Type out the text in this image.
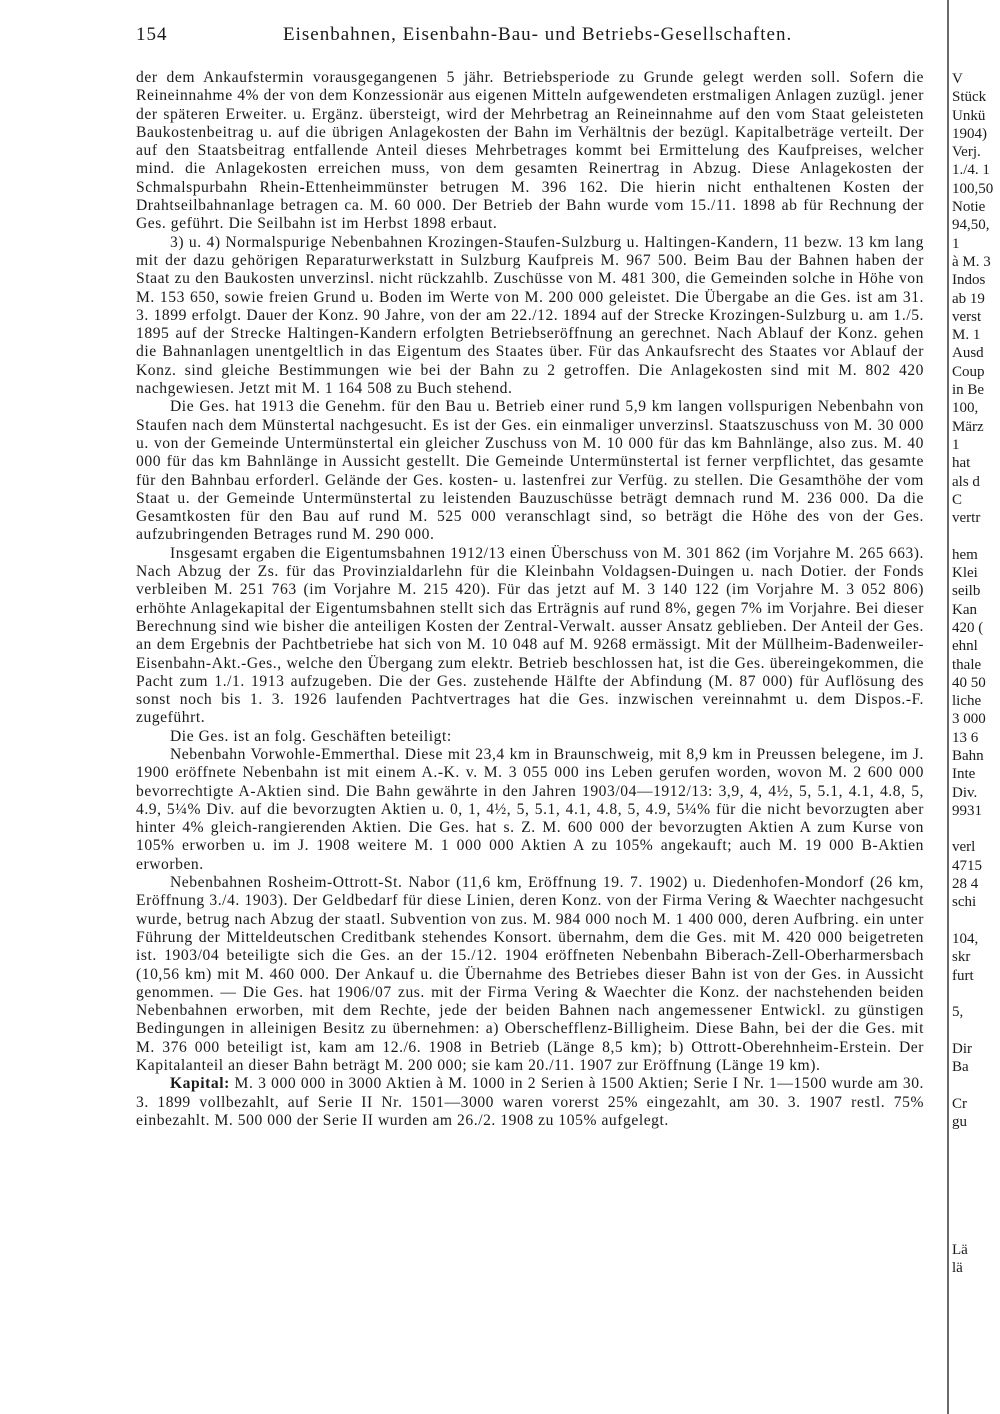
154	Eisenbahnen, Eisenbahn-Bau- und Betriebs-Gesellschaften.

der dem Ankaufstermin vorausgegangenen 5 jähr. Betriebsperiode zu Grunde gelegt werden soll. Sofern die Reineinnahme 4% der von dem Konzessionär aus eigenen Mitteln aufgewendeten erstmaligen Anlagen zuzügl. jener der späteren Erweiter. u. Ergänz. übersteigt, wird der Mehrbetrag an Reineinnahme auf den vom Staat geleisteten Baukostenbeitrag u. auf die übrigen Anlagekosten der Bahn im Verhältnis der bezügl. Kapitalbeträge verteilt. Der auf den Staatsbeitrag entfallende Anteil dieses Mehrbetrages kommt bei Ermittelung des Kaufpreises, welcher mind. die Anlagekosten erreichen muss, von dem gesamten Reinertrag in Abzug. Diese Anlagekosten der Schmalspurbahn Rhein-Ettenheimmünster betrugen M. 396 162. Die hierin nicht enthaltenen Kosten der Drahtseilbahnanlage betragen ca. M. 60 000. Der Betrieb der Bahn wurde vom 15./11. 1898 ab für Rechnung der Ges. geführt. Die Seilbahn ist im Herbst 1898 erbaut.

3) u. 4) Normalspurige Nebenbahnen Krozingen-Staufen-Sulzburg u. Haltingen-Kandern, 11 bezw. 13 km lang mit der dazu gehörigen Reparaturwerkstatt in Sulzburg Kaufpreis M. 967 500. Beim Bau der Bahnen haben der Staat zu den Baukosten unverzinsl. nicht rückzahlb. Zuschüsse von M. 481 300, die Gemeinden solche in Höhe von M. 153 650, sowie freien Grund u. Boden im Werte von M. 200 000 geleistet. Die Übergabe an die Ges. ist am 31. 3. 1899 erfolgt. Dauer der Konz. 90 Jahre, von der am 22./12. 1894 auf der Strecke Krozingen-Sulzburg u. am 1./5. 1895 auf der Strecke Haltingen-Kandern erfolgten Betriebseröffnung an gerechnet. Nach Ablauf der Konz. gehen die Bahnanlagen unentgeltlich in das Eigentum des Staates über. Für das Ankaufsrecht des Staates vor Ablauf der Konz. sind gleiche Bestimmungen wie bei der Bahn zu 2 getroffen. Die Anlagekosten sind mit M. 802 420 nachgewiesen. Jetzt mit M. 1 164 508 zu Buch stehend.

Die Ges. hat 1913 die Genehm. für den Bau u. Betrieb einer rund 5,9 km langen vollspurigen Nebenbahn von Staufen nach dem Münstertal nachgesucht. Es ist der Ges. ein einmaliger unverzinsl. Staatszuschuss von M. 30 000 u. von der Gemeinde Untermünstertal ein gleicher Zuschuss von M. 10 000 für das km Bahnlänge, also zus. M. 40 000 für das km Bahnlänge in Aussicht gestellt. Die Gemeinde Untermünstertal ist ferner verpflichtet, das gesamte für den Bahnbau erforderl. Gelände der Ges. kosten- u. lastenfrei zur Verfüg. zu stellen. Die Gesamthöhe der vom Staat u. der Gemeinde Untermünstertal zu leistenden Bauzuschüsse beträgt demnach rund M. 236 000. Da die Gesamtkosten für den Bau auf rund M. 525 000 veranschlagt sind, so beträgt die Höhe des von der Ges. aufzubringenden Betrages rund M. 290 000.

Insgesamt ergaben die Eigentumsbahnen 1912/13 einen Überschuss von M. 301 862 (im Vorjahre M. 265 663). Nach Abzug der Zs. für das Provinzialdarlehn für die Kleinbahn Voldagsen-Duingen u. nach Dotier. der Fonds verbleiben M. 251 763 (im Vorjahre M. 215 420). Für das jetzt auf M. 3 140 122 (im Vorjahre M. 3 052 806) erhöhte Anlagekapital der Eigentumsbahnen stellt sich das Erträgnis auf rund 8%, gegen 7% im Vorjahre. Bei dieser Berechnung sind wie bisher die anteiligen Kosten der Zentral-Verwalt. ausser Ansatz geblieben. Der Anteil der Ges. an dem Ergebnis der Pachtbetriebe hat sich von M. 10 048 auf M. 9268 ermässigt. Mit der Müllheim-Badenweiler-Eisenbahn-Akt.-Ges., welche den Übergang zum elektr. Betrieb beschlossen hat, ist die Ges. übereingekommen, die Pacht zum 1./1. 1913 aufzugeben. Die der Ges. zustehende Hälfte der Abfindung (M. 87 000) für Auflösung des sonst noch bis 1. 3. 1926 laufenden Pachtvertrages hat die Ges. inzwischen vereinnahmt u. dem Dispos.-F. zugeführt.

Die Ges. ist an folg. Geschäften beteiligt:

Nebenbahn Vorwohle-Emmerthal. Diese mit 23,4 km in Braunschweig, mit 8,9 km in Preussen belegene, im J. 1900 eröffnete Nebenbahn ist mit einem A.-K. v. M. 3 055 000 ins Leben gerufen worden, wovon M. 2 600 000 bevorrechtigte A-Aktien sind. Die Bahn gewährte in den Jahren 1903/04—1912/13: 3,9, 4, 4½, 5, 5.1, 4.1, 4.8, 5, 4.9, 5¼% Div. auf die bevorzugten Aktien u. 0, 1, 4½, 5, 5.1, 4.1, 4.8, 5, 4.9, 5¼% für die nicht bevorzugten aber hinter 4% gleich-rangierenden Aktien. Die Ges. hat s. Z. M. 600 000 der bevorzugten Aktien A zum Kurse von 105% erworben u. im J. 1908 weitere M. 1 000 000 Aktien A zu 105% angekauft; auch M. 19 000 B-Aktien erworben.

Nebenbahnen Rosheim-Ottrott-St. Nabor (11,6 km, Eröffnung 19. 7. 1902) u. Diedenhofen-Mondorf (26 km, Eröffnung 3./4. 1903). Der Geldbedarf für diese Linien, deren Konz. von der Firma Vering & Waechter nachgesucht wurde, betrug nach Abzug der staatl. Subvention von zus. M. 984 000 noch M. 1 400 000, deren Aufbring. ein unter Führung der Mitteldeutschen Creditbank stehendes Konsort. übernahm, dem die Ges. mit M. 420 000 beigetreten ist. 1903/04 beteiligte sich die Ges. an der 15./12. 1904 eröffneten Nebenbahn Biberach-Zell-Oberharmersbach (10,56 km) mit M. 460 000. Der Ankauf u. die Übernahme des Betriebes dieser Bahn ist von der Ges. in Aussicht genommen. — Die Ges. hat 1906/07 zus. mit der Firma Vering & Waechter die Konz. der nachstehenden beiden Nebenbahnen erworben, mit dem Rechte, jede der beiden Bahnen nach angemessener Entwickl. zu günstigen Bedingungen in alleinigen Besitz zu übernehmen: a) Oberschefflenz-Billigheim. Diese Bahn, bei der die Ges. mit M. 376 000 beteiligt ist, kam am 12./6. 1908 in Betrieb (Länge 8,5 km); b) Ottrott-Oberehnheim-Erstein. Der Kapitalanteil an dieser Bahn beträgt M. 200 000; sie kam 20./11. 1907 zur Eröffnung (Länge 19 km).

Kapital: M. 3 000 000 in 3000 Aktien à M. 1000 in 2 Serien à 1500 Aktien; Serie I Nr. 1—1500 wurde am 30. 3. 1899 vollbezahlt, auf Serie II Nr. 1501—3000 waren vorerst 25% eingezahlt, am 30. 3. 1907 restl. 75% einbezahlt. M. 500 000 der Serie II wurden am 26./2. 1908 zu 105% aufgelegt.

V
Stück
Unkü
1904)
Verj.
1./4. 1
100,50
Notie
94,50,
1
à M. 3
Indos
ab 19
verst
M. 1
Ausd
Coup
in Be
100,
März
1
hat
als d
C
vertr
hem
Klei
seilb
Kan
420 (
ehnl
thale
40 50
liche
3 000
13 6
Bahn
Inte
Div.
9931
verl
4715
28 4
schi
104,
skr
furt
5,
Dir
Ba
Cr
gu
Lä
lä
